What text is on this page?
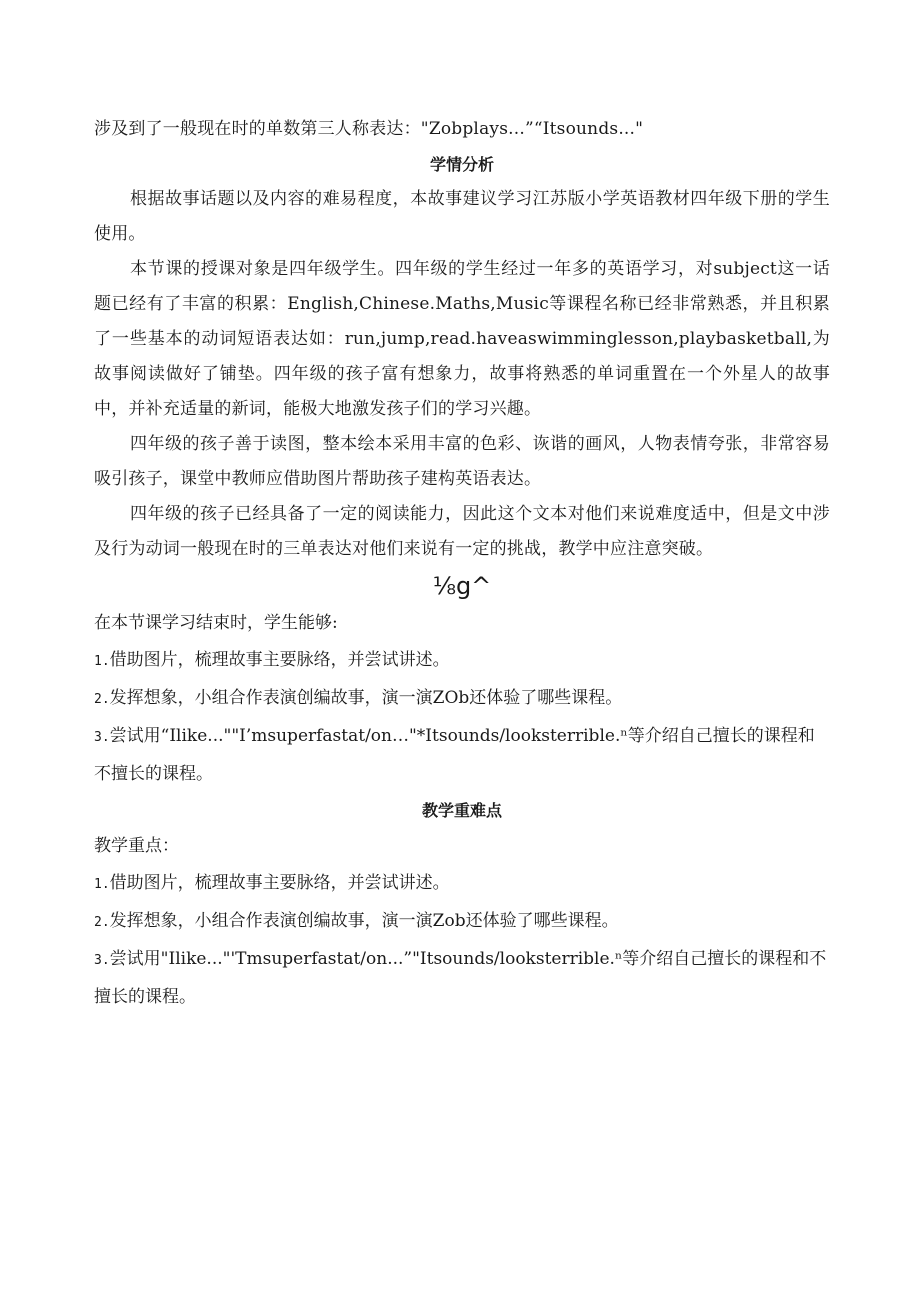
涉及到了一般现在时的单数第三人称表达："Zobplays...”“Itsounds..."

学情分析

根据故事话题以及内容的难易程度，本故事建议学习江苏版小学英语教材四年级下册的学生使用。

本节课的授课对象是四年级学生。四年级的学生经过一年多的英语学习，对subject这一话题已经有了丰富的积累：English,Chinese.Maths,Music等课程名称已经非常熟悉，并且积累了一些基本的动词短语表达如：run,jump,read.haveaswimminglesson,playbasketball,为故事阅读做好了铺垫。四年级的孩子富有想象力，故事将熟悉的单词重置在一个外星人的故事中，并补充适量的新词，能极大地激发孩子们的学习兴趣。

四年级的孩子善于读图，整本绘本采用丰富的色彩、诙谐的画风，人物表情夸张，非常容易吸引孩子，课堂中教师应借助图片帮助孩子建构英语表达。

四年级的孩子已经具备了一定的阅读能力，因此这个文本对他们来说难度适中，但是文中涉及行为动词一般现在时的三单表达对他们来说有一定的挑战，教学中应注意突破。

⅛g^

在本节课学习结束时，学生能够:

1.借助图片，梳理故事主要脉络，并尝试讲述。

2.发挥想象，小组合作表演创编故事，演一演ZOb还体验了哪些课程。

3.尝试用“Ilike...""I’msuperfastat/on…"*Itsounds/looksterrible.ⁿ等介绍自己擅长的课程和不擅长的课程。

教学重难点

教学重点：

1.借助图片，梳理故事主要脉络，并尝试讲述。

2.发挥想象，小组合作表演创编故事，演一演Zob还体验了哪些课程。

3.尝试用"Ilike..."'Tmsuperfastat/on...”"Itsounds/looksterrible.ⁿ等介绍自己擅长的课程和不擅长的课程。
